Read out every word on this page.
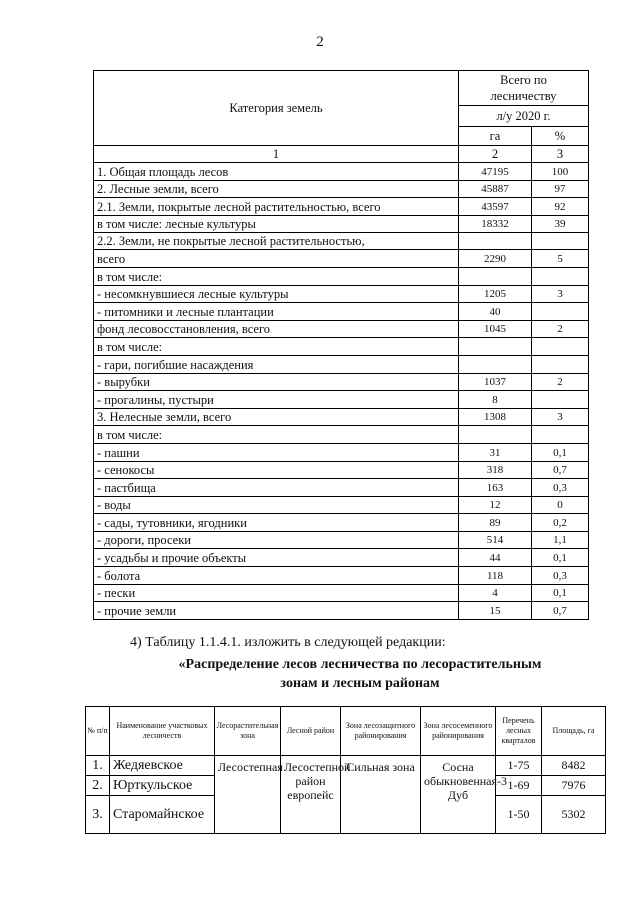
2
Категория земель	Всего по
лесничеству	
	л/у 2020 г.	
	га	%
1	2	3
1. Общая площадь лесов	47195	100
2. Лесные земли, всего	45887	97
2.1. Земли, покрытые лесной растительностью, всего	43597	92
в том числе: лесные культуры	18332	39
2.2. Земли, не покрытые лесной растительностью,		
всего	2290	5
в том числе:		
- несомкнувшиеся лесные культуры	1205	3
- питомники и лесные плантации	40	
фонд лесовосстановления, всего	1045	2
в том числе:		
- гари, погибшие насаждения		
- вырубки	1037	2
- прогалины, пустыри	8	
3. Нелесные земли, всего	1308	3
в том числе:		
- пашни	31	0,1
- сенокосы	318	0,7
- пастбища	163	0,3
- воды	12	0
- сады, тутовники, ягодники	89	0,2
- дороги, просеки	514	1,1
- усадьбы и прочие объекты	44	0,1
- болота	118	0,3
- пески	4	0,1
- прочие земли	15	0,7
4) Таблицу 1.1.4.1. изложить в следующей редакции:
«Распределение лесов лесничества по лесорастительным
зонам и лесным районам
№ п/п	Наименование участковых лесничеств	Лесорастительная зона	Лесной район	Зона лесозащитного районирования	Зона лесосеменного районирования	Перечень лесных кварталов	Площадь, га
1.	Жедяевское	Лесостепная	Лесостепной район европейс	Сильная зона	Сосна обыкновенная-3 Дуб	1-75	8482
2.	Юрткульское					1-69	7976
3.	Старомайнское					1-50	5302
